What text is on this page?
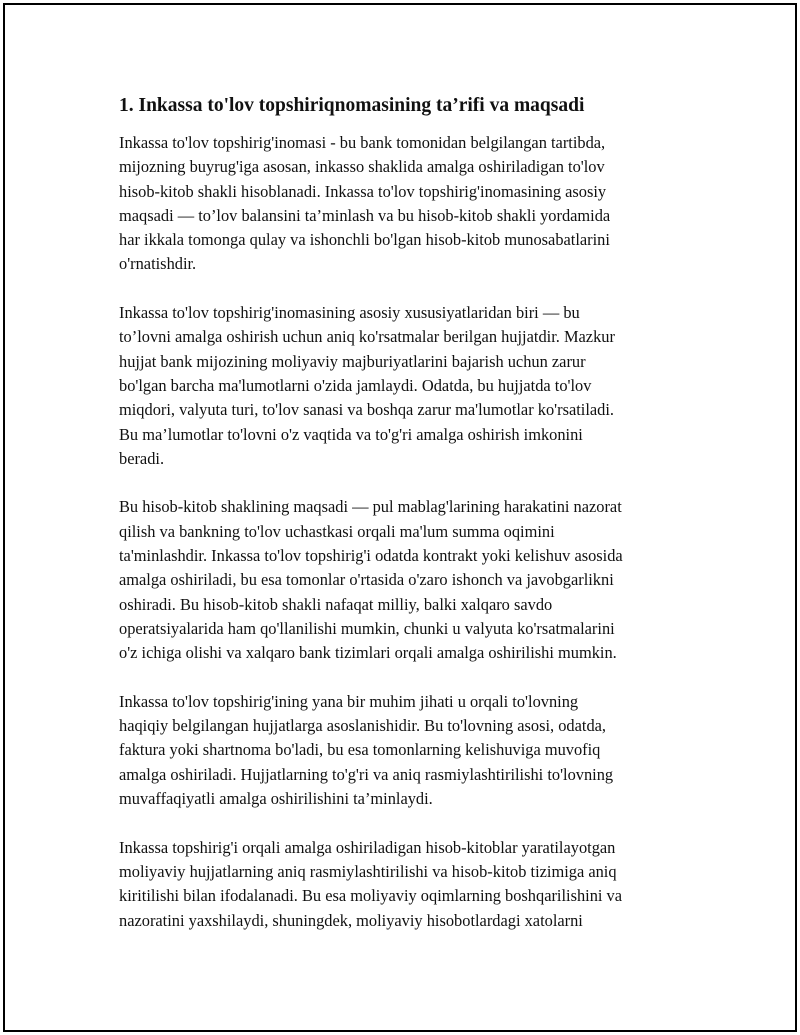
1. Inkassa to'lov topshiriqnomasining ta’rifi va maqsadi

Inkassa to'lov topshirig'inomasi - bu bank tomonidan belgilangan tartibda,
mijozning buyrug'iga asosan, inkasso shaklida amalga oshiriladigan to'lov
hisob-kitob shakli hisoblanadi. Inkassa to'lov topshirig'inomasining asosiy
maqsadi — to’lov balansini ta’minlash va bu hisob-kitob shakli yordamida
har ikkala tomonga qulay va ishonchli bo'lgan hisob-kitob munosabatlarini
o'rnatishdir.

Inkassa to'lov topshirig'inomasining asosiy xususiyatlaridan biri — bu
to’lovni amalga oshirish uchun aniq ko'rsatmalar berilgan hujjatdir. Mazkur
hujjat bank mijozining moliyaviy majburiyatlarini bajarish uchun zarur
bo'lgan barcha ma'lumotlarni o'zida jamlaydi. Odatda, bu hujjatda to'lov
miqdori, valyuta turi, to'lov sanasi va boshqa zarur ma'lumotlar ko'rsatiladi.
Bu ma’lumotlar to'lovni o'z vaqtida va to'g'ri amalga oshirish imkonini
beradi.

Bu hisob-kitob shaklining maqsadi — pul mablag'larining harakatini nazorat
qilish va bankning to'lov uchastkasi orqali ma'lum summa oqimini
ta'minlashdir. Inkassa to'lov topshirig'i odatda kontrakt yoki kelishuv asosida
amalga oshiriladi, bu esa tomonlar o'rtasida o'zaro ishonch va javobgarlikni
oshiradi. Bu hisob-kitob shakli nafaqat milliy, balki xalqaro savdo
operatsiyalarida ham qo'llanilishi mumkin, chunki u valyuta ko'rsatmalarini
o'z ichiga olishi va xalqaro bank tizimlari orqali amalga oshirilishi mumkin.

Inkassa to'lov topshirig'ining yana bir muhim jihati u orqali to'lovning
haqiqiy belgilangan hujjatlarga asoslanishidir. Bu to'lovning asosi, odatda,
faktura yoki shartnoma bo'ladi, bu esa tomonlarning kelishuviga muvofiq
amalga oshiriladi. Hujjatlarning to'g'ri va aniq rasmiylashtirilishi to'lovning
muvaffaqiyatli amalga oshirilishini ta’minlaydi.

Inkassa topshirig'i orqali amalga oshiriladigan hisob-kitoblar yaratilayotgan
moliyaviy hujjatlarning aniq rasmiylashtirilishi va hisob-kitob tizimiga aniq
kiritilishi bilan ifodalanadi. Bu esa moliyaviy oqimlarning boshqarilishini va
nazoratini yaxshilaydi, shuningdek, moliyaviy hisobotlardagi xatolarni
